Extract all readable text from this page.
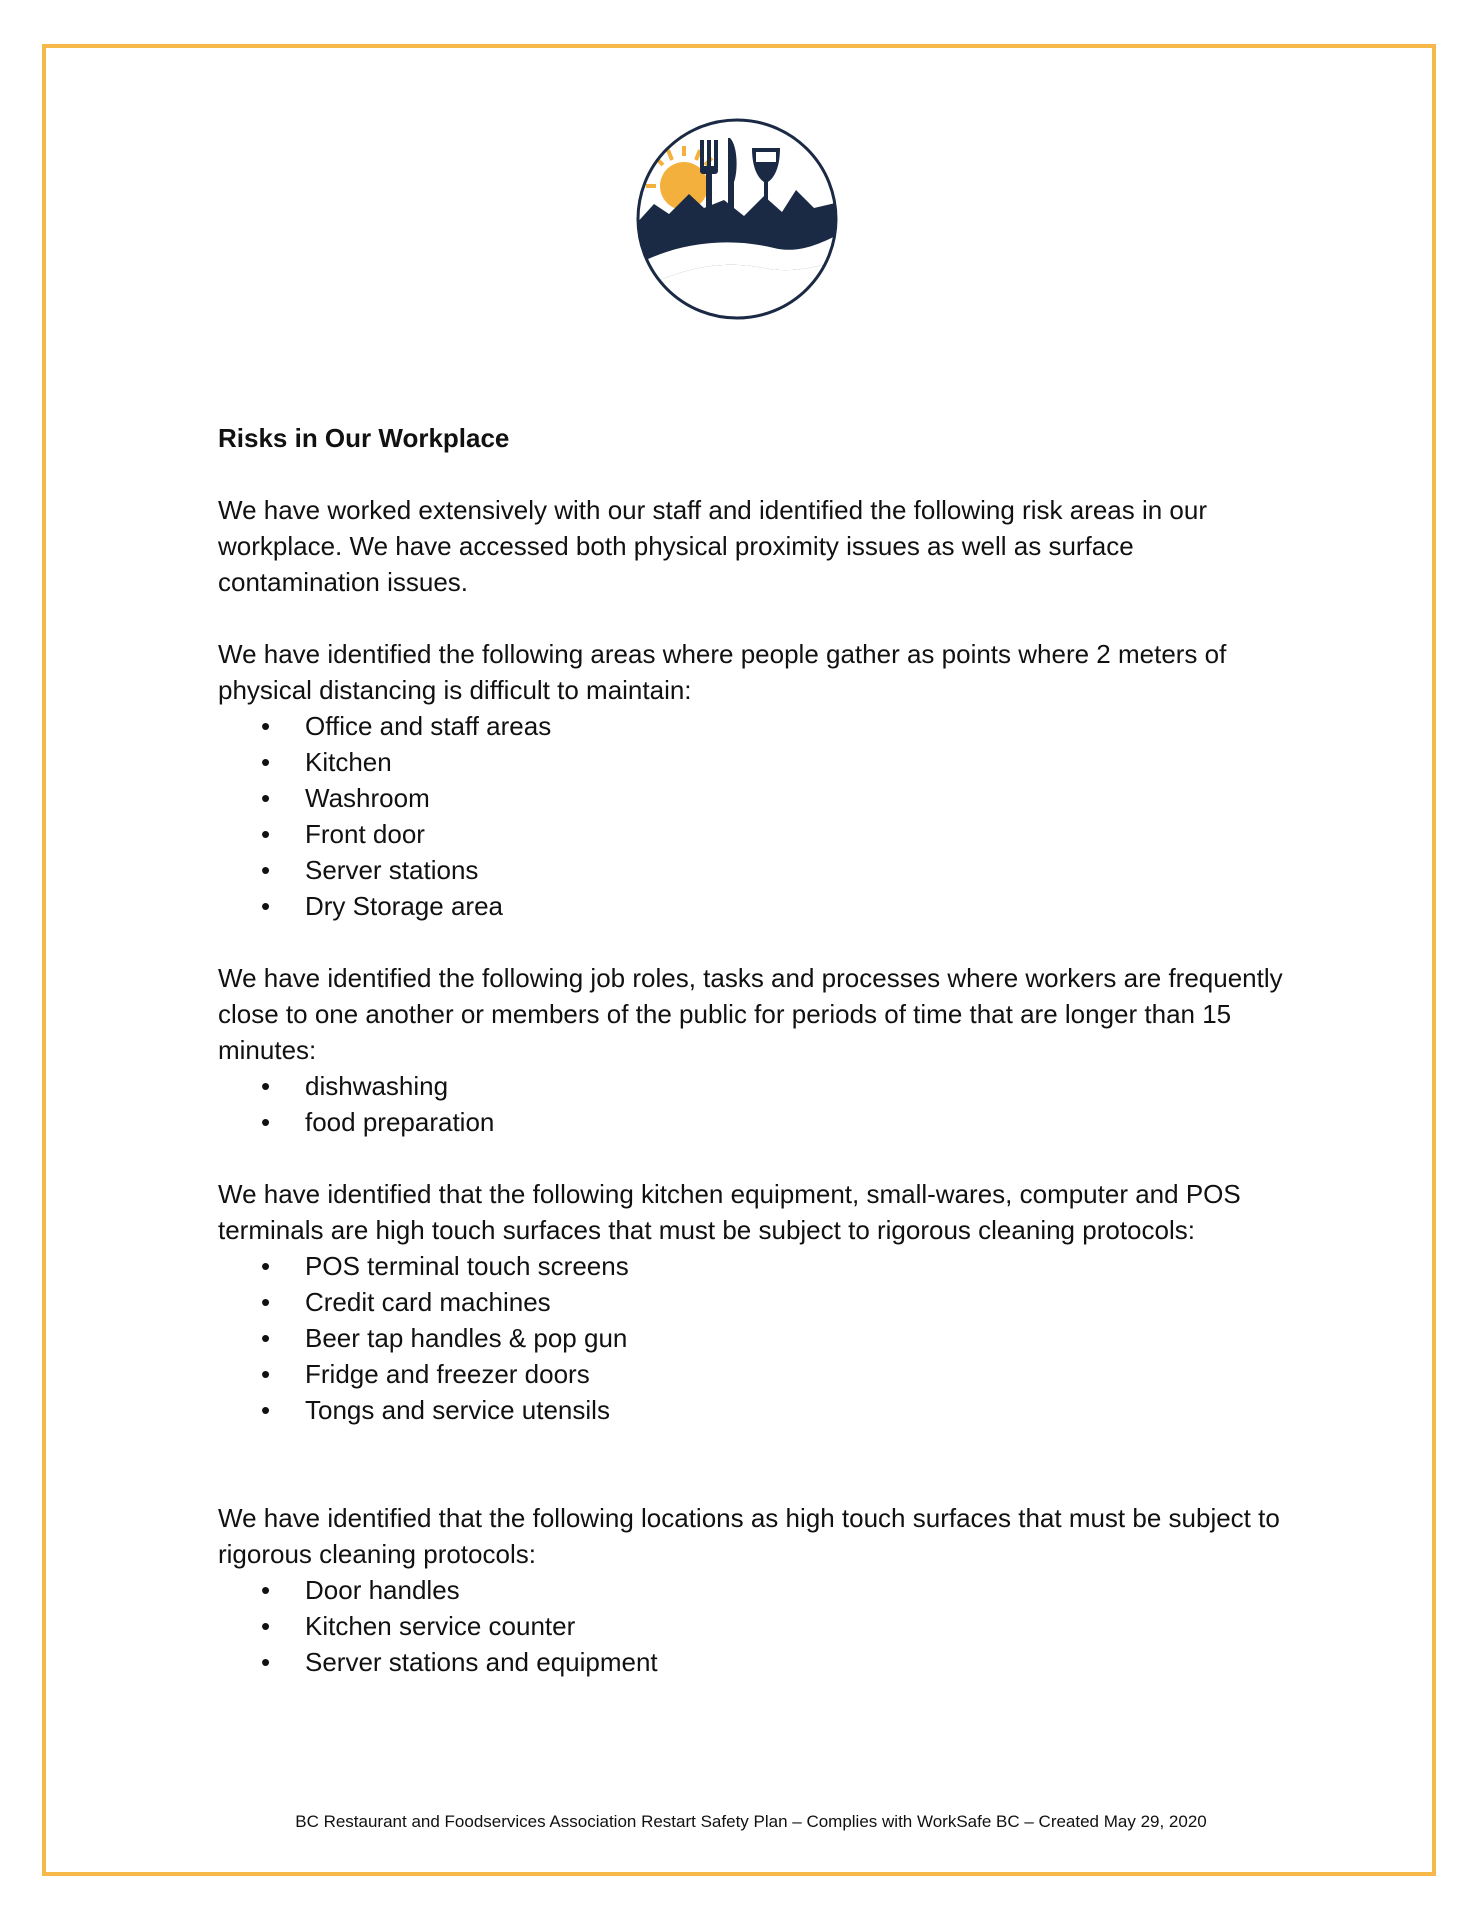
Risks in Our Workplace

We have worked extensively with our staff and identified the following risk areas in our workplace. We have accessed both physical proximity issues as well as surface contamination issues.

We have identified the following areas where people gather as points where 2 meters of physical distancing is difficult to maintain:

• Office and staff areas
• Kitchen
• Washroom
• Front door
• Server stations
• Dry Storage area

We have identified the following job roles, tasks and processes where workers are frequently close to one another or members of the public for periods of time that are longer than 15 minutes:

• dishwashing
• food preparation

We have identified that the following kitchen equipment, small-wares, computer and POS terminals are high touch surfaces that must be subject to rigorous cleaning protocols:

• POS terminal touch screens
• Credit card machines
• Beer tap handles & pop gun
• Fridge and freezer doors
• Tongs and service utensils

We have identified that the following locations as high touch surfaces that must be subject to rigorous cleaning protocols:

• Door handles
• Kitchen service counter
• Server stations and equipment
BC Restaurant and Foodservices Association Restart Safety Plan – Complies with WorkSafe BC – Created May 29, 2020
